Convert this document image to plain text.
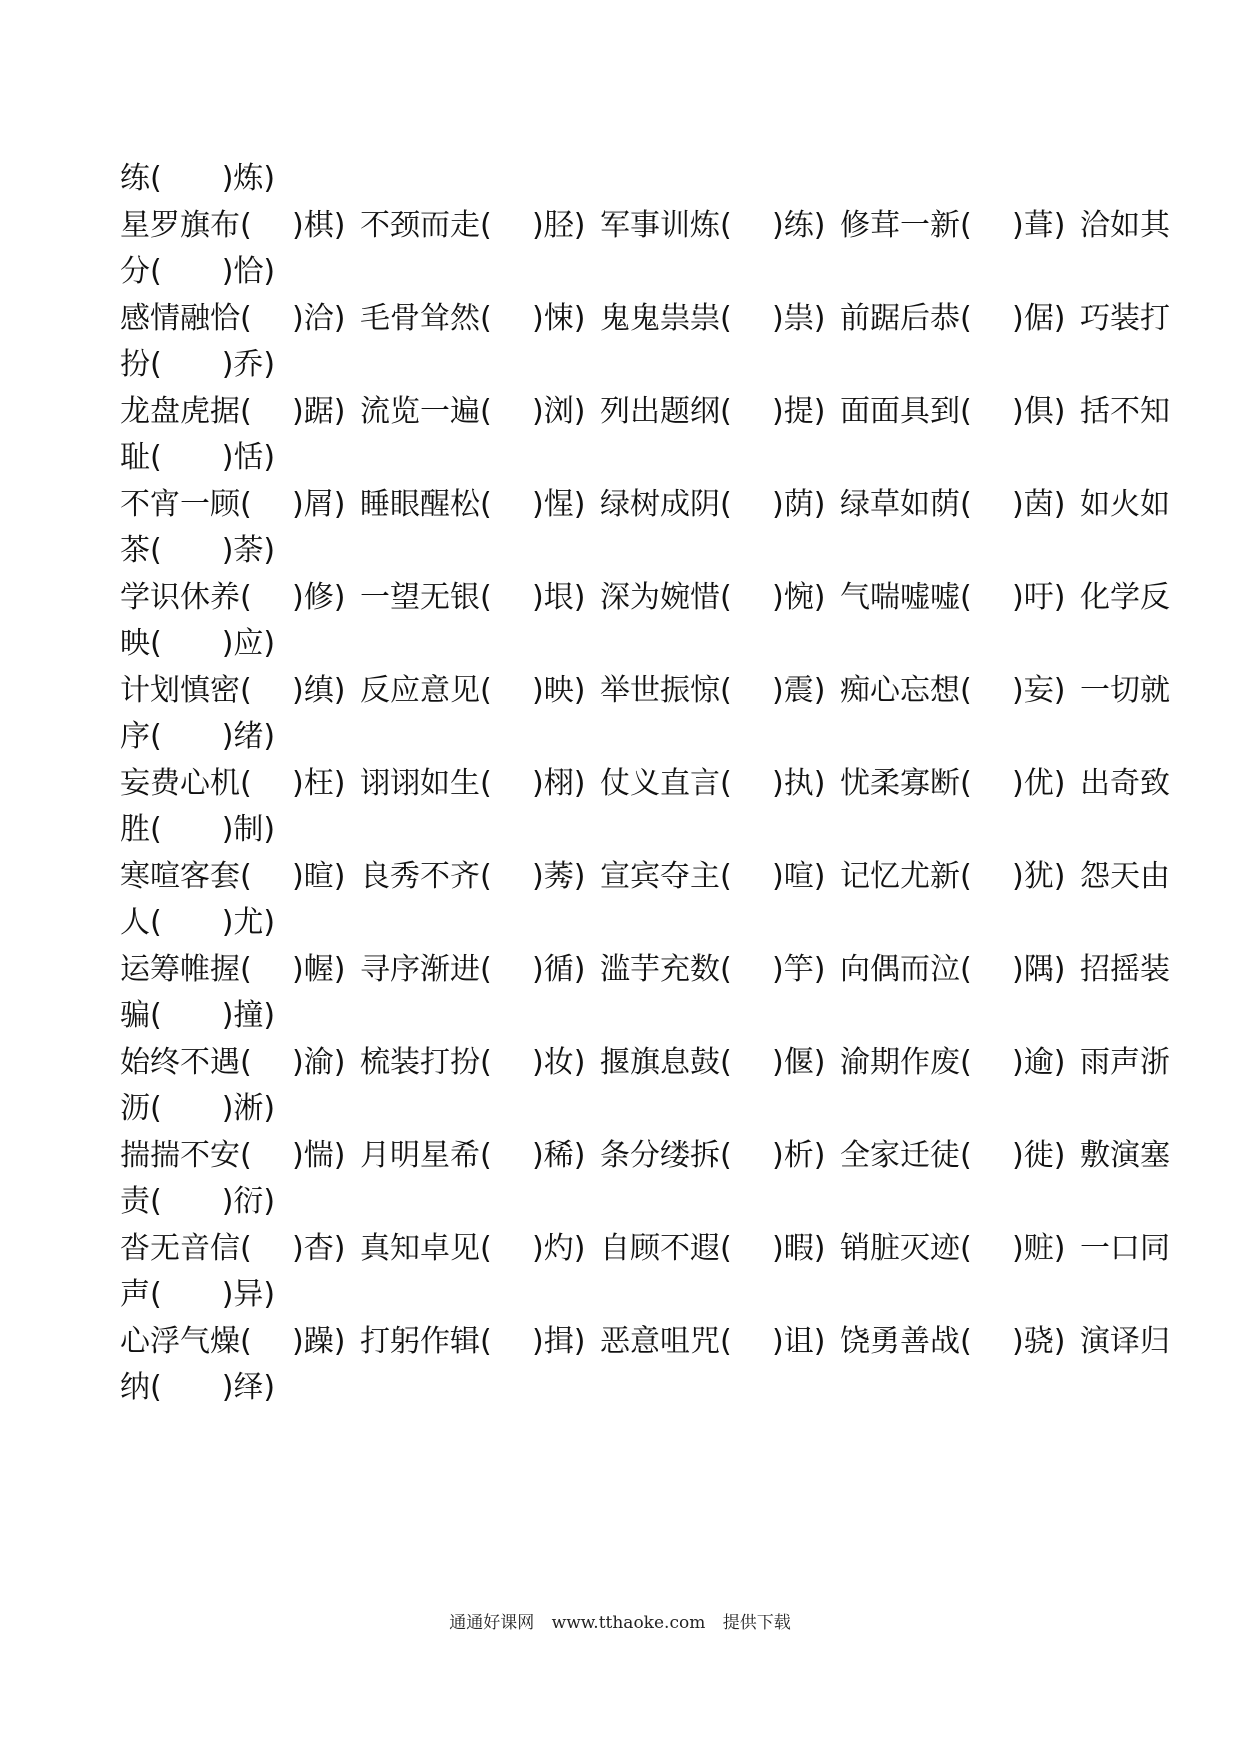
练(　　)炼)
星罗旗布( )棋) 不颈而走( )胫) 军事训炼( )练) 修茸一新( )葺) 洽如其
分(　　)恰)
感情融恰( )洽) 毛骨耸然( )悚) 鬼鬼祟祟( )祟) 前踞后恭( )倨) 巧装打
扮(　　)乔)
龙盘虎据( )踞) 流览一遍( )浏) 列出题纲( )提) 面面具到( )俱) 括不知
耻(　　)恬)
不宵一顾( )屑) 睡眼醒松( )惺) 绿树成阴( )荫) 绿草如荫( )茵) 如火如
茶(　　)荼)
学识休养( )修) 一望无银( )垠) 深为婉惜( )惋) 气喘嘘嘘( )吁) 化学反
映(　　)应)
计划慎密( )缜) 反应意见( )映) 举世振惊( )震) 痴心忘想( )妄) 一切就
序(　　)绪)
妄费心机( )枉) 诩诩如生( )栩) 仗义直言( )执) 忧柔寡断( )优) 出奇致
胜(　　)制)
寒喧客套( )暄) 良秀不齐( )莠) 宣宾夺主( )喧) 记忆尤新( )犹) 怨天由
人(　　)尤)
运筹帷握( )幄) 寻序渐进( )循) 滥芋充数( )竽) 向偶而泣( )隅) 招摇装
骗(　　)撞)
始终不遇( )渝) 梳装打扮( )妆) 揠旗息鼓( )偃) 渝期作废( )逾) 雨声浙
沥(　　)淅)
揣揣不安( )惴) 月明星希( )稀) 条分缕拆( )析) 全家迁徒( )徙) 敷演塞
责(　　)衍)
沓无音信( )杳) 真知卓见( )灼) 自顾不遐( )暇) 销脏灭迹( )赃) 一口同
声(　　)异)
心浮气燥( )躁) 打躬作辑( )揖) 恶意咀咒( )诅) 饶勇善战( )骁) 演译归
纳(　　)绎)
通通好课网 www.tthaoke.com 提供下载
